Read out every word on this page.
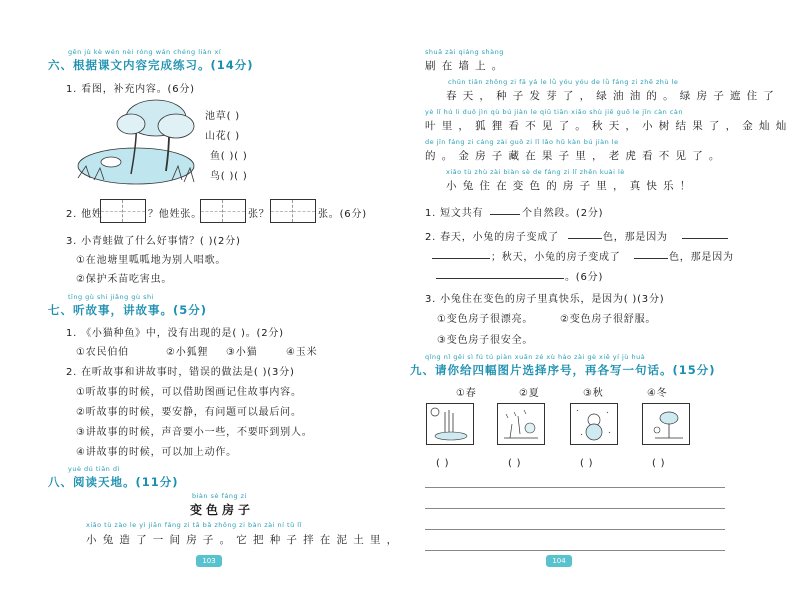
gēn jù kè wén nèi róng wán chéng liàn xí
六、根据课文内容完成练习。(14分)
1. 看图，补充内容。(6分)
池草( )
山花( )
鱼( )( )
鸟( )( )
2. 他姓	？他姓张。	张？	张。(6分)
3. 小青蛙做了什么好事情？( )(2分)
①在池塘里呱呱地为别人唱歌。
②保护禾苗吃害虫。
tīng gù shi jiǎng gù shi
七、听故事，讲故事。(5分)
1. 《小猫种鱼》中，没有出现的是( )。(2分)
①农民伯伯	②小狐狸 ③小猫	④玉米
2. 在听故事和讲故事时，错误的做法是( )(3分)
①听故事的时候，可以借助图画记住故事内容。
②听故事的时候，要安静，有问题可以最后问。
③讲故事的时候，声音要小一些，不要吓到别人。
④讲故事的时候，可以加上动作。
yuè dú tiān dì
八、阅读天地。(11分)
biàn sè fáng zi
变色房子
xiǎo tù zào le yì jiān fáng zi tā bǎ zhǒng zi bàn zài ní tǔ lǐ
小兔造了一间房子。它把种子拌在泥土里，
103
shuā zài qiáng shàng
刷在墙上。
chūn tiān zhǒng zi fā yá le lǜ yóu yóu de lǜ fáng zi zhē zhù le
春天，种子发芽了，绿油油的。绿房子遮住了
yè lǐ hú li duǒ jìn qù bú jiàn le qiū tiān xiǎo shù jiē guǒ le jīn càn càn
叶里，狐狸看不见了。秋天，小树结果了，金灿灿
de jīn fáng zi cáng zài guǒ zi lǐ lǎo hǔ kàn bú jiàn le
的。金房子藏在果子里，老虎看不见了。
xiǎo tù zhù zài biàn sè de fáng zi lǐ zhēn kuài lè
小兔住在变色的房子里，真快乐！
1. 短文共有	个自然段。(2分)
2. 春天，小兔的房子变成了	色，那是因为
；秋天，小兔的房子变成了	色，那是因为
。(6分)
3. 小兔住在变色的房子里真快乐，是因为( )(3分)
①变色房子很漂亮。	②变色房子很舒服。
③变色房子很安全。
qǐng nǐ gěi sì fú tú piàn xuǎn zé xù hào zài gè xiě yí jù huà
九、请你给四幅图片选择序号，再各写一句话。(15分)
①春	②夏	③秋	④冬
( )	( )	( )	( )
104
